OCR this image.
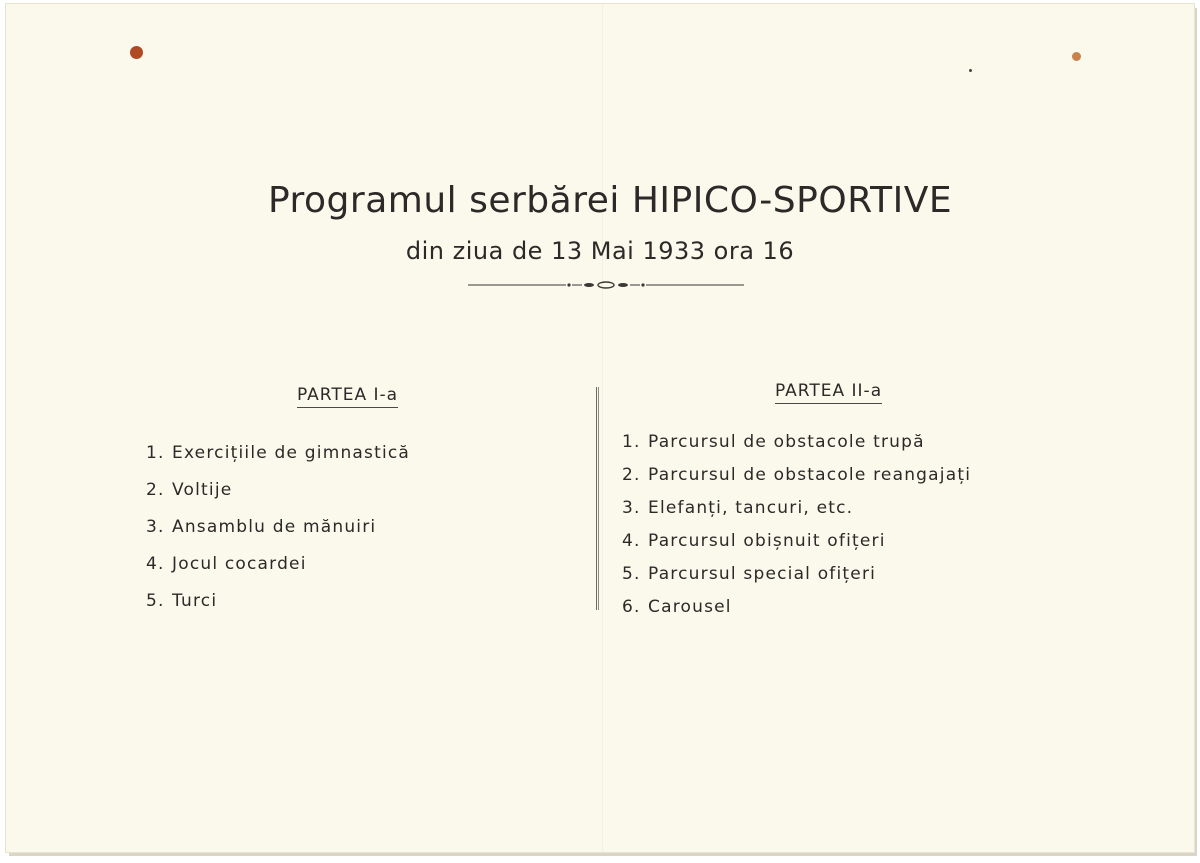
Programul serbărei HIPICO-SPORTIVE

din ziua de 13 Mai 1933 ora 16

PARTEA I-a
1. Exercițiile de gimnastică
2. Voltije
3. Ansamblu de mănuiri
4. Jocul cocardei
5. Turci
PARTEA II-a
1. Parcursul de obstacole trupă
2. Parcursul de obstacole reangajați
3. Elefanți, tancuri, etc.
4. Parcursul obișnuit ofițeri
5. Parcursul special ofițeri
6. Carousel
